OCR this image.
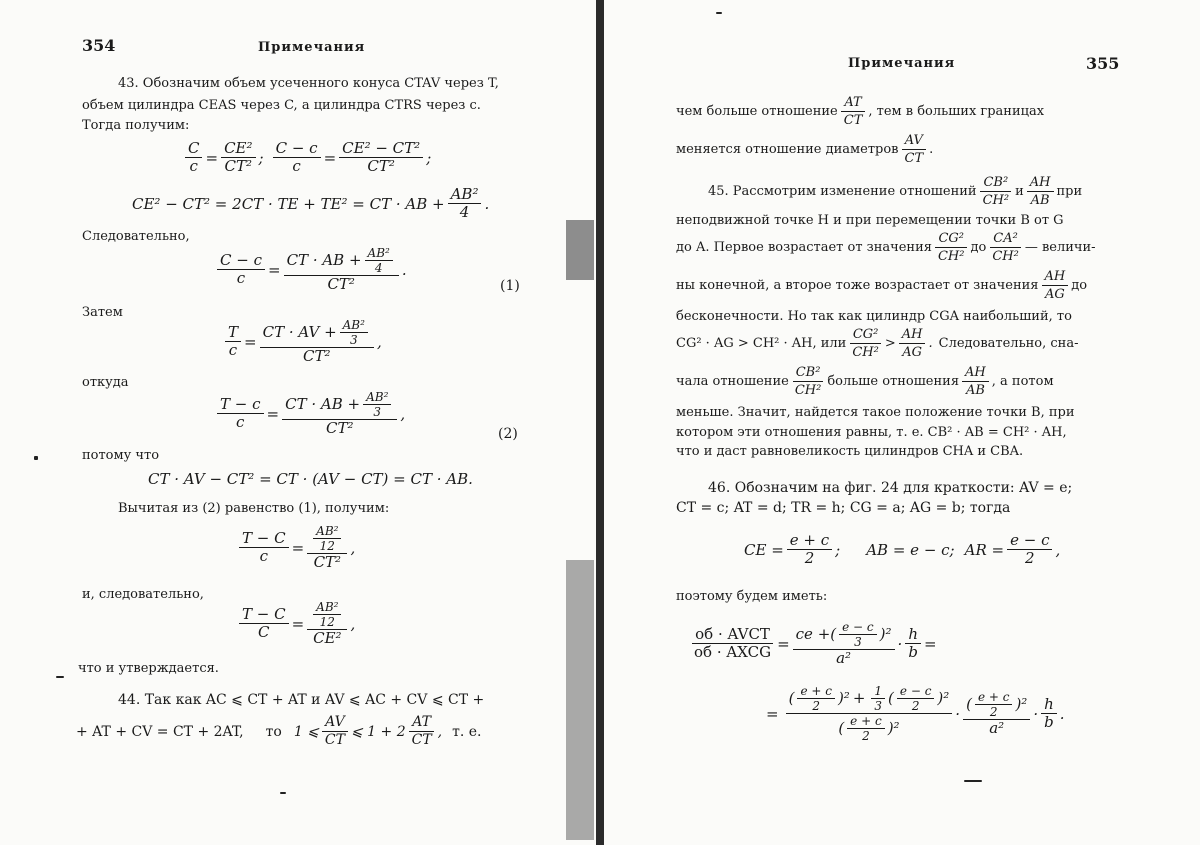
354	Примечания
43. Обозначим объем усеченного конуса CTAV через T,
объем цилиндра CEAS через C, а цилиндра CTRS через c.
Тогда получим:
$\frac{C}{c} = \frac{\text{CE²}}{\text{CT²}}$ ; $\frac{C - c}{c} = \frac{\text{CE² − CT²}}{\text{CT²}}$ ;
CE² − CT² = 2CT · TE + TE² = CT · AB + $\frac{\text{AB²}}{4}$ .
Следовательно,
$\frac{C - c}{c} = \frac{CT \cdot AB + \frac{\text{AB²}}{4}}{\text{CT²}}$ .
(1)
Затем
$\frac{T}{c} = \frac{CT \cdot AV + \frac{\text{AB²}}{3}}{\text{CT²}}$ ,
откуда
$\frac{T - c}{c} = \frac{CT \cdot AB + \frac{\text{AB²}}{3}}{\text{CT²}}$ ,
(2)
потому что
CT · AV − CT² = CT · (AV − CT) = CT · AB.
Вычитая из (2) равенство (1), получим:
$\frac{T - C}{c} = \frac{\frac{\text{AB²}}{12}}{\text{CT²}}$ ,
и, следовательно,
$\frac{T - C}{C} = \frac{\frac{\text{AB²}}{12}}{\text{CE²}}$ ,
что и утверждается.
44. Так как AC ⩽ CT + AT и AV ⩽ AC + CV ⩽ CT +
+ AT + CV = CT + 2AT, то 1 ⩽ $\frac{AV}{CT}$ ⩽ $1 + 2 \frac{AT}{CT}$ , т. е.
Примечания	355
чем больше отношение $\frac{AT}{CT}$ , тем в больших границах
меняется отношение диаметров $\frac{AV}{CT}$ .
45. Рассмотрим изменение отношений $\frac{\text{CB²}}{\text{CH²}}$ и $\frac{AH}{AB}$ при
неподвижной точке H и при перемещении точки B от G
до A. Первое возрастает от значения $\frac{\text{CG²}}{\text{CH²}}$ до $\frac{\text{CA²}}{\text{CH²}}$ — величи-
ны конечной, а второе тоже возрастает от значения $\frac{AH}{AG}$ до
бесконечности. Но так как цилиндр CGA наибольший, то
CG² · AG > CH² · AH, или $\frac{\text{CG²}}{\text{CH²}} > \frac{AH}{AG}$ . Следовательно, сна-
чала отношение $\frac{\text{CB²}}{\text{CH²}}$ больше отношения $\frac{AH}{AB}$ , а потом
меньше. Значит, найдется такое положение точки B, при
котором эти отношения равны, т. е. CB² · AB = CH² · AH,
что и даст равновеликость цилиндров CHA и CBA.
46. Обозначим на фиг. 24 для краткости: AV = e;
CT = c; AT = d; TR = h; CG = a; AG = b; тогда
CE = $\frac{e + c}{2}$ ; AB = e − c; AR = $\frac{e - c}{2}$ ,
поэтому будем иметь:
$\frac{\text{об · AVCT}}{\text{об · AXCG}} = \frac{ce + ( \frac{e - c}{3} )^2}{\text{a²}} \cdot \frac{h}{b}$ =
= $\frac{( \frac{e + c}{2} )^2 + \frac{1}{3} ( \frac{e - c}{2} )^2}{( \frac{e + c}{2} )^2} \cdot \frac{( \frac{e + c}{2} )^2}{\text{a²}} \cdot \frac{h}{b}$ .
